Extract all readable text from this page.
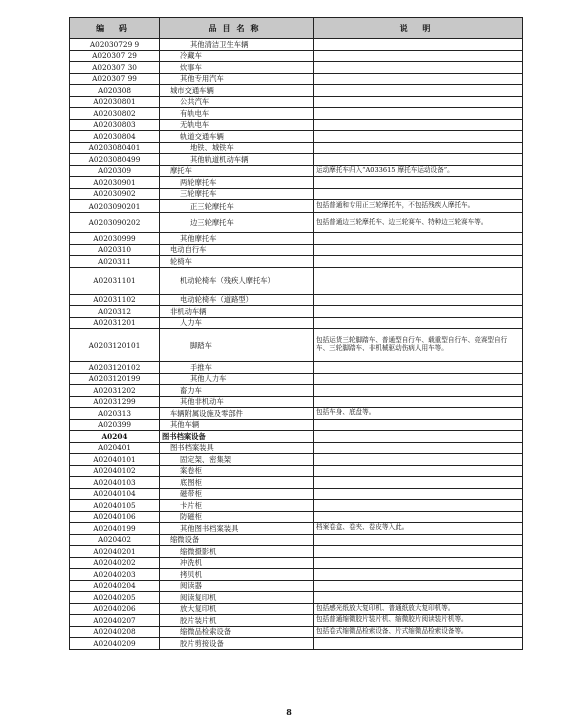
编 码	品目名称	说 明
A02030729 9	其他清洁卫生车辆	
A020307 29	冷藏车	
A020307 30	炊事车	
A020307 99	其他专用汽车	
A020308	城市交通车辆	
A02030801	公共汽车	
A02030802	有轨电车	
A02030803	无轨电车	
A02030804	轨道交通车辆	
A0203080401	地铁、城铁车	
A0203080499	其他轨道机动车辆	
A020309	摩托车	运动摩托车归入“A033615 摩托车运动设备”。
A02030901	两轮摩托车	
A02030902	三轮摩托车	
A0203090201	正三轮摩托车	包括普通和专用正三轮摩托车，不包括残疾人摩托车。
A0203090202	边三轮摩托车	包括普通边三轮摩托车、边三轮赛车、特种边三轮赛车等。
A02030999	其他摩托车	
A020310	电动自行车	
A020311	轮椅车	
A02031101	机动轮椅车（残疾人摩托车）	
A02031102	电动轮椅车（道路型）	
A020312	非机动车辆	
A02031201	人力车	
A0203120101	脚踏车	包括运货三轮脚踏车、普通型自行车、载重型自行车、竞赛型自行车、三轮脚踏车、非机械驱动伤病人用车等。
A0203120102	手推车	
A0203120199	其他人力车	
A02031202	畜力车	
A02031299	其他非机动车	
A020313	车辆附属设施及零部件	包括车身、底盘等。
A020399	其他车辆	
A0204	图书档案设备	
A020401	图书档案装具	
A02040101	固定架、密集架	
A02040102	案卷柜	
A02040103	底图柜	
A02040104	磁带柜	
A02040105	卡片柜	
A02040106	防磁柜	
A02040199	其他图书档案装具	档案卷盒、卷夹、卷皮等入此。
A020402	缩微设备	
A02040201	缩微摄影机	
A02040202	冲洗机	
A02040203	拷贝机	
A02040204	阅读器	
A02040205	阅读复印机	
A02040206	放大复印机	包括感光纸放大复印机、普通纸放大复印机等。
A02040207	胶片装片机	包括普通缩微胶片装片机、缩微胶片阅读装片机等。
A02040208	缩微品检索设备	包括卷式缩微品检索设备、片式缩微品检索设备等。
A02040209	胶片剪接设备	
8
